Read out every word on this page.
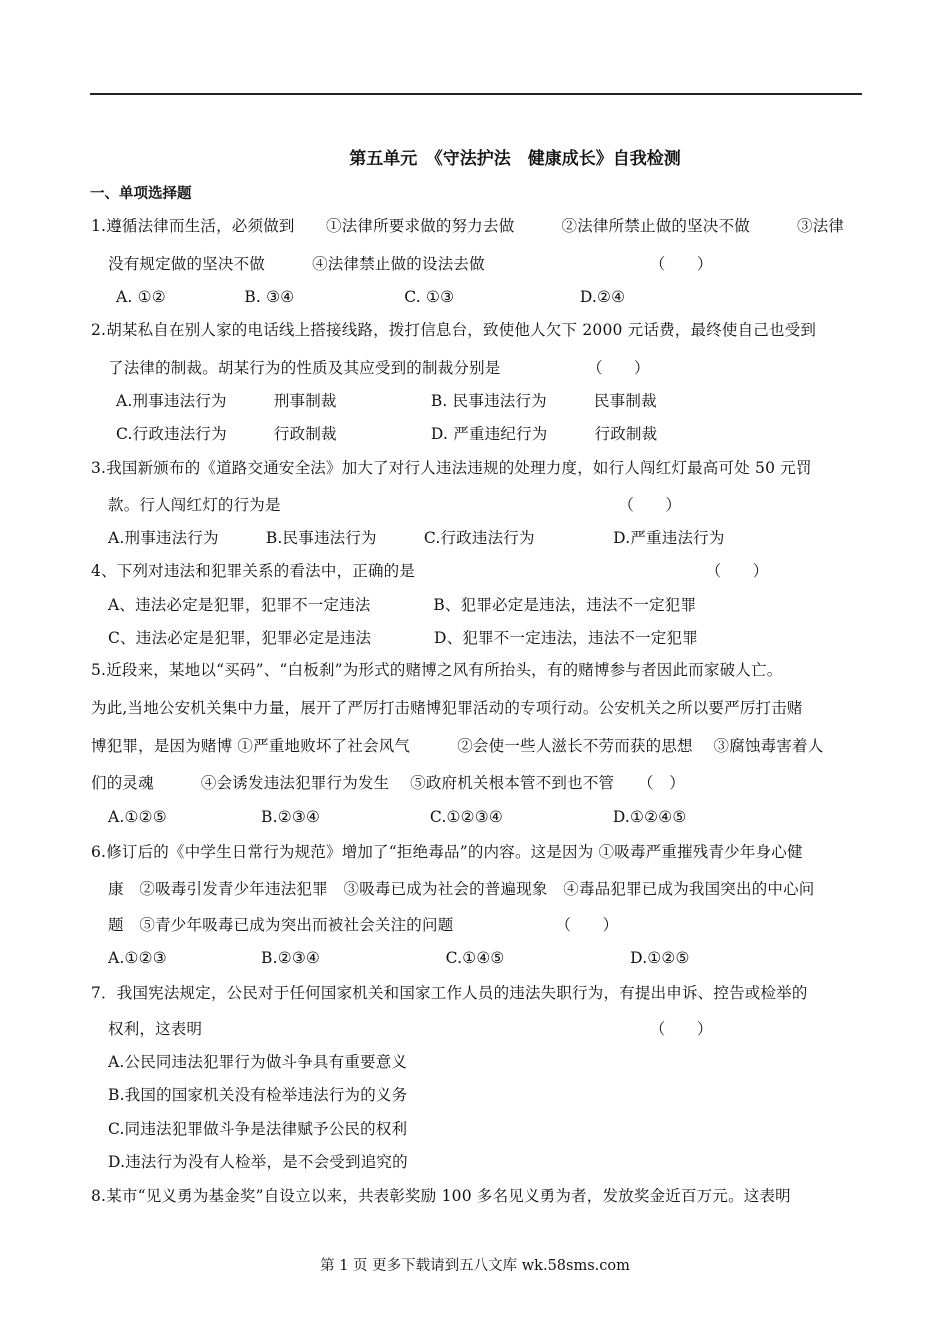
第五单元　《守法护法　健康成长》自我检测
一、单项选择题
1.遵循法律而生活，必须做到　　①法律所要求做的努力去做　　　②法律所禁止做的坚决不做　　　③法律
没有规定做的坚决不做　　　④法律禁止做的设法去做　　　　　　　　　　　（　　）
A. ①②　　　　　B. ③④　　　　　　　C. ①③　　　　　　　　D.②④
2.胡某私自在别人家的电话线上搭接线路，拨打信息台，致使他人欠下 2000 元话费，最终使自己也受到
了法律的制裁。胡某行为的性质及其应受到的制裁分别是　　　　　　（　　）
A.刑事违法行为　　　刑事制裁　　　　　　B. 民事违法行为　　　民事制裁
C.行政违法行为　　　行政制裁　　　　　　D. 严重违纪行为　　　行政制裁
3.我国新颁布的《道路交通安全法》加大了对行人违法违规的处理力度，如行人闯红灯最高可处 50 元罚
款。行人闯红灯的行为是　　　　　　　　　　　　　　　　　　　　　　（　　）
A.刑事违法行为　　　B.民事违法行为　　　C.行政违法行为　　　　　D.严重违法行为
4、下列对违法和犯罪关系的看法中，正确的是　　　　　　　　　　　　　　　　　　　（　　）
A、违法必定是犯罪，犯罪不一定违法　　　　B、犯罪必定是违法，违法不一定犯罪
C、违法必定是犯罪，犯罪必定是违法　　　　D、犯罪不一定违法，违法不一定犯罪
5.近段来，某地以“买码”、“白板刹”为形式的赌博之风有所抬头，有的赌博参与者因此而家破人亡。
为此,当地公安机关集中力量，展开了严厉打击赌博犯罪活动的专项行动。公安机关之所以要严厉打击赌
博犯罪，是因为赌博 ①严重地败坏了社会风气　　　②会使一些人滋长不劳而获的思想　 ③腐蚀毒害着人
们的灵魂　　　④会诱发违法犯罪行为发生　 ⑤政府机关根本管不到也不管　　（　）
A.①②⑤　　　　　　B.②③④　　　　　　　C.①②③④　　　　　　　D.①②④⑤
6.修订后的《中学生日常行为规范》增加了“拒绝毒品”的内容。这是因为 ①吸毒严重摧残青少年身心健
康　②吸毒引发青少年违法犯罪　③吸毒已成为社会的普遍现象　④毒品犯罪已成为我国突出的中心问
题　⑤青少年吸毒已成为突出而被社会关注的问题　　　　　　　（　　）
A.①②③　　　　　　B.②③④　　　　　　　　C.①④⑤　　　　　　　　D.①②⑤
7．我国宪法规定，公民对于任何国家机关和国家工作人员的违法失职行为，有提出申诉、控告或检举的
权利，这表明　　　　　　　　　　　　　　　　　　　　　　　　　　　　　（　　）
A.公民同违法犯罪行为做斗争具有重要意义
B.我国的国家机关没有检举违法行为的义务
C.同违法犯罪做斗争是法律赋予公民的权利
D.违法行为没有人检举，是不会受到追究的
8.某市“见义勇为基金奖”自设立以来，共表彰奖励 100 多名见义勇为者，发放奖金近百万元。这表明
第 1 页 更多下载请到五八文库 wk.58sms.com
